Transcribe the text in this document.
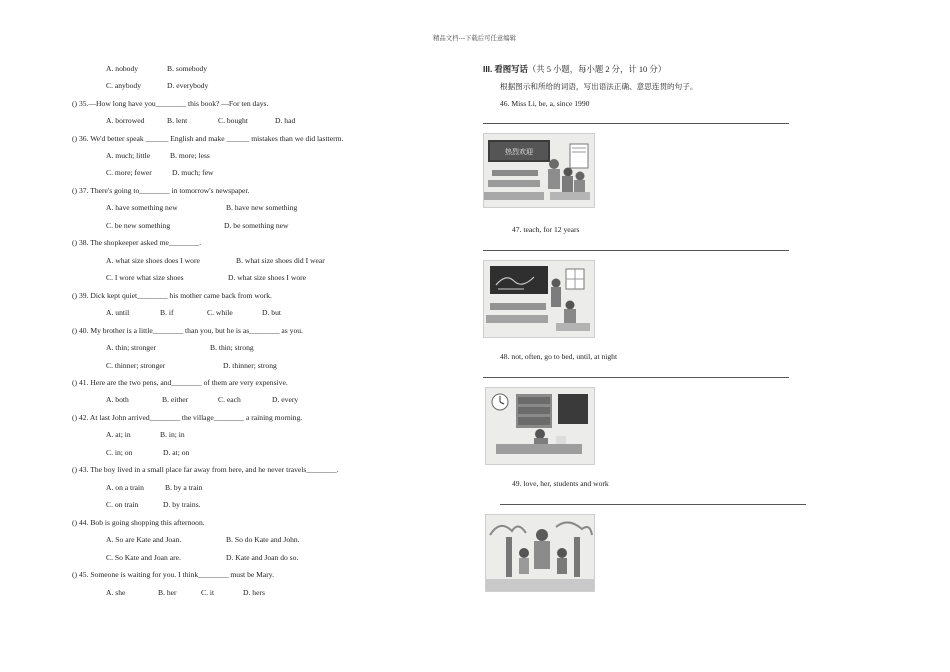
精品文档---下载后可任意编辑
A. nobody	B. somebody
C. anybody	D. everybody
() 35.—How long have you________ this book? —For ten days.
A. borrowed	B. lent	C. bought	D. had
() 36. We'd better speak ______ English and make ______ mistakes than we did lastterm.
A. much; little	B. more; less
C. more; fewer	D. much; few
() 37. There's going to________ in tomorrow's newspaper.
A. have something new	B. have new something
C. be new something	D. be something new
() 38. The shopkeeper asked me________.
A. what size shoes does I wore	B. what size shoes did I wear
C. I wore what size shoes	D. what size shoes I wore
() 39. Dick kept quiet________ his mother came back from work.
A. until	B. if	C. while	D. but
() 40. My brother is a little________ than you, but he is as________ as you.
A. thin; stronger	B. thin; strong
C. thinner; stronger	D. thinner; strong
() 41. Here are the two pens, and________ of them are very expensive.
A. both	B. either	C. each	D. every
() 42. At last John arrived________ the village________ a raining morning.
A. at; in	B. in; in
C. in; on	D. at; on
() 43. The boy lived in a small place far away from here, and he never travels________.
A. on a train	B. by a train
C. on train	D. by trains.
() 44. Bob is going shopping this afternoon.
A. So are Kate and Joan.	B. So do Kate and John.
C. So Kate and Joan are.	D. Kate and Joan do so.
() 45. Someone is waiting for you. I think________ must be Mary.
A. she	B. her	C. it	D. hers
III. 看图写话（共 5 小题，每小题 2 分，计 10 分）
根据图示和所给的词语，写出语法正确、意思连贯的句子。
46. Miss Li, be, a, since 1990
热烈欢迎
47. teach, for 12 years
48. not, often, go to bed, until, at night
49. love, her, students and work
